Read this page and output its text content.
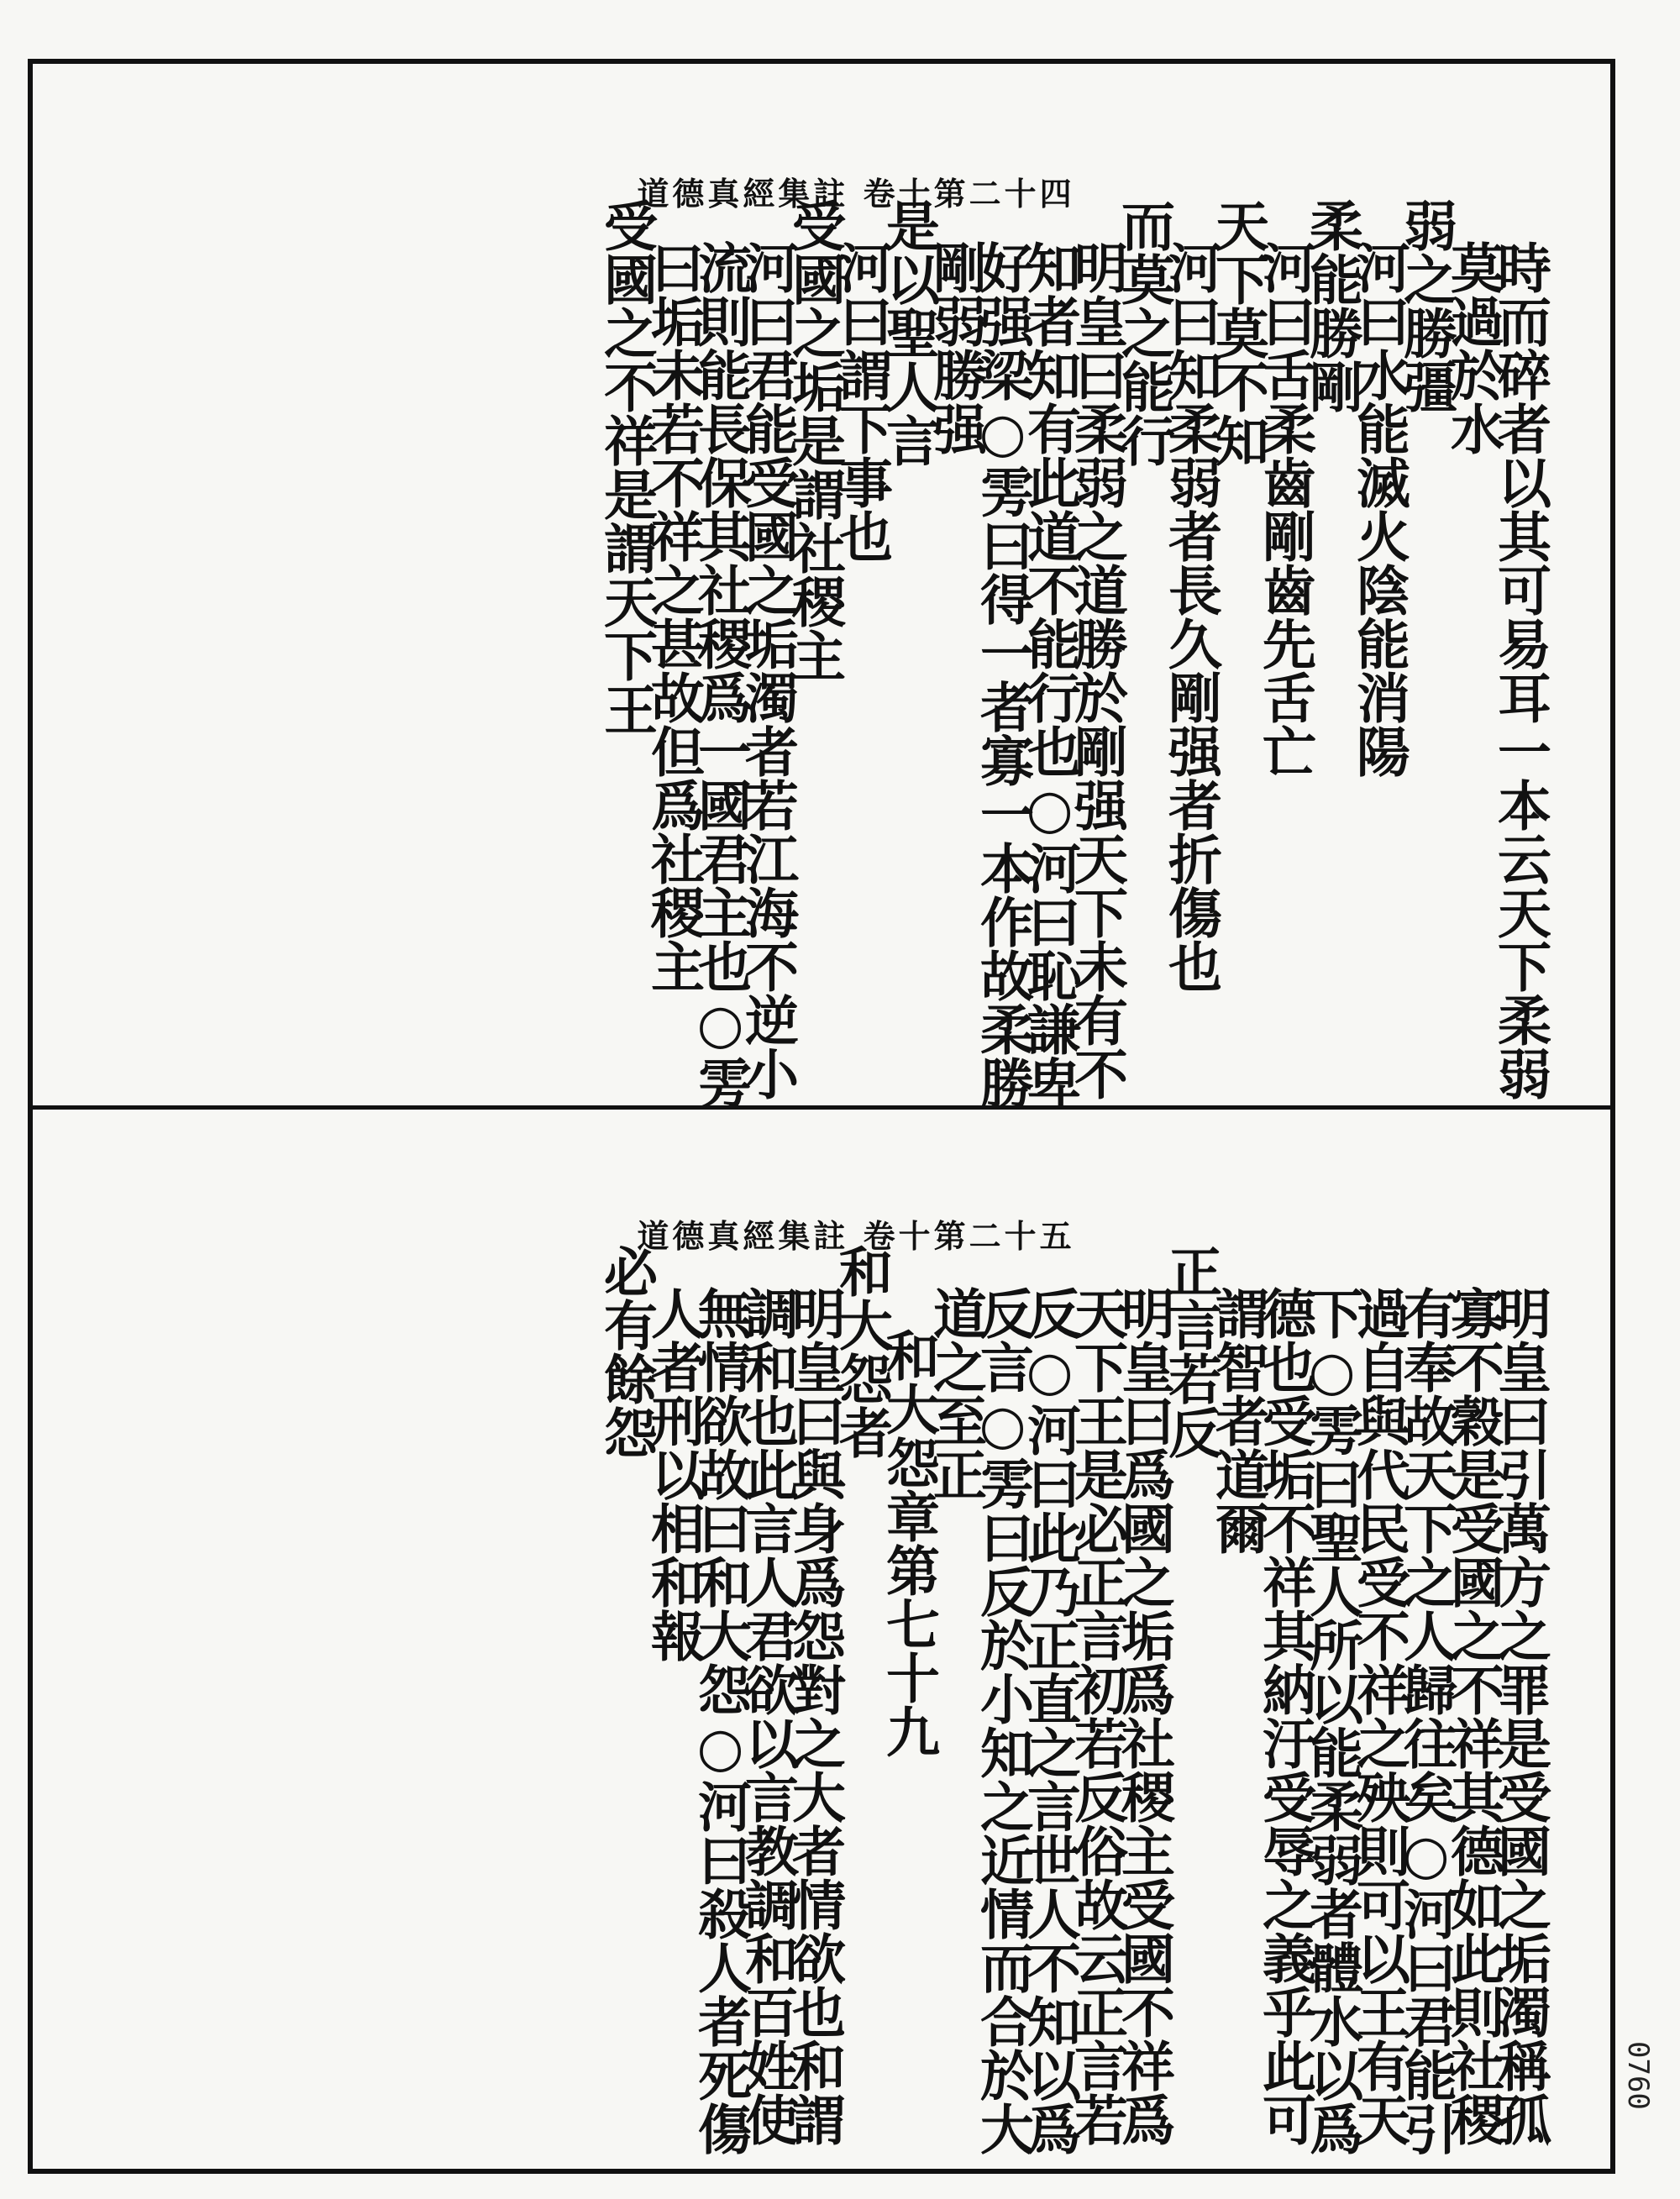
道德真經集註 卷十第二十四
時而碎者以其可易耳一本云天下柔弱
莫過於水
弱之勝彊
河曰水能滅火陰能消陽
柔能勝剛
河曰舌柔齒剛齒先舌亡
天下莫不知
河曰知柔弱者長久剛强者折傷也
而莫之能行
明皇曰柔弱之道勝於剛强天下未有不
知者知有此道不能行也○河曰恥謙卑
好强梁○雱曰得一者寡一本作故柔勝
剛弱勝强
是以聖人言
河曰謂下事也
受國之垢是謂社稷主
河曰君能受國之垢濁者若江海不逆小
流則能長保其社稷爲一國君主也○雱
曰垢未若不祥之甚故但爲社稷主
受國之不祥是謂天下王
道德真經集註 卷十第二十五
明皇曰引萬方之罪是受國之垢濁稱孤
寡不穀是受國之不祥其德如此則社稷
有奉故天下之人歸往矣○河曰君能引
過自與代民受不祥之殃則可以王有天
下○雱曰聖人所以能柔弱者體水以爲
德也受垢不祥其納汙受辱之義乎此可
謂智者道爾
正言若反
明皇曰爲國之垢爲社稷主受國不祥爲
天下王是必正言初若反俗故云正言若
反○河曰此乃正直之言世人不知以爲
反言○雱曰反於小知之近情而合於大
道之至正
和大怨章第七十九
和大怨者
明皇曰與身爲怨對之大者情欲也和謂
調和也此言人君欲以言教調和百姓使
無情欲故曰和大怨○河曰殺人者死傷
人者刑以相和報
必有餘怨
0760
